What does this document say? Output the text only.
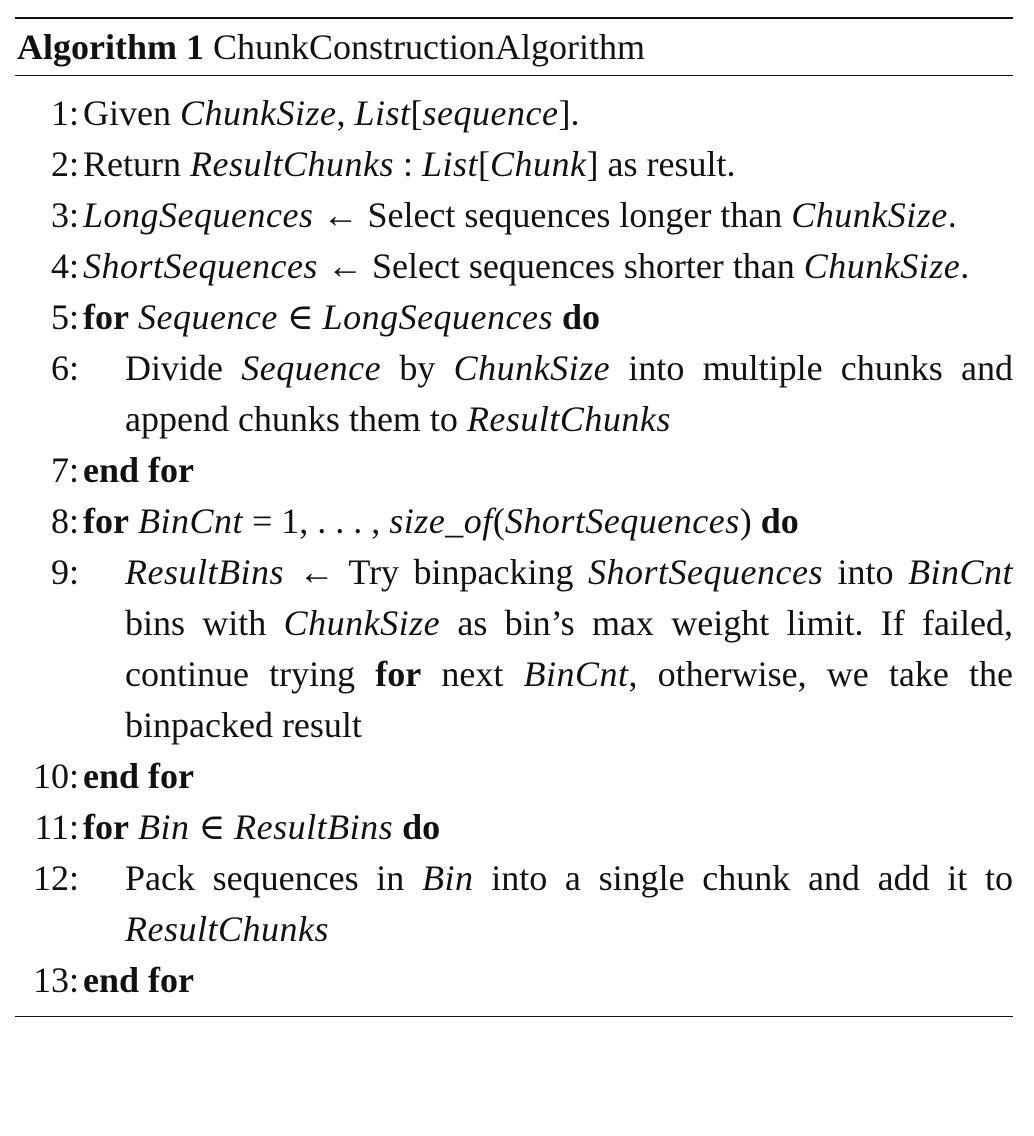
Algorithm 1 ChunkConstructionAlgorithm
1: Given ChunkSize, List[sequence].
2: Return ResultChunks : List[Chunk] as result.
3: LongSequences ← Select sequences longer than ChunkSize.
4: ShortSequences ← Select sequences shorter than ChunkSize.
5: for Sequence ∈ LongSequences do
6:	Divide Sequence by ChunkSize into multiple chunks and append chunks them to ResultChunks
7: end for
8: for BinCnt = 1, . . . , size_of(ShortSequences) do
9:	ResultBins ← Try binpacking ShortSequences into BinCnt bins with ChunkSize as bin’s max weight limit. If failed, continue trying for next BinCnt, otherwise, we take the binpacked result
10: end for
11: for Bin ∈ ResultBins do
12:	Pack sequences in Bin into a single chunk and add it to ResultChunks
13: end for
